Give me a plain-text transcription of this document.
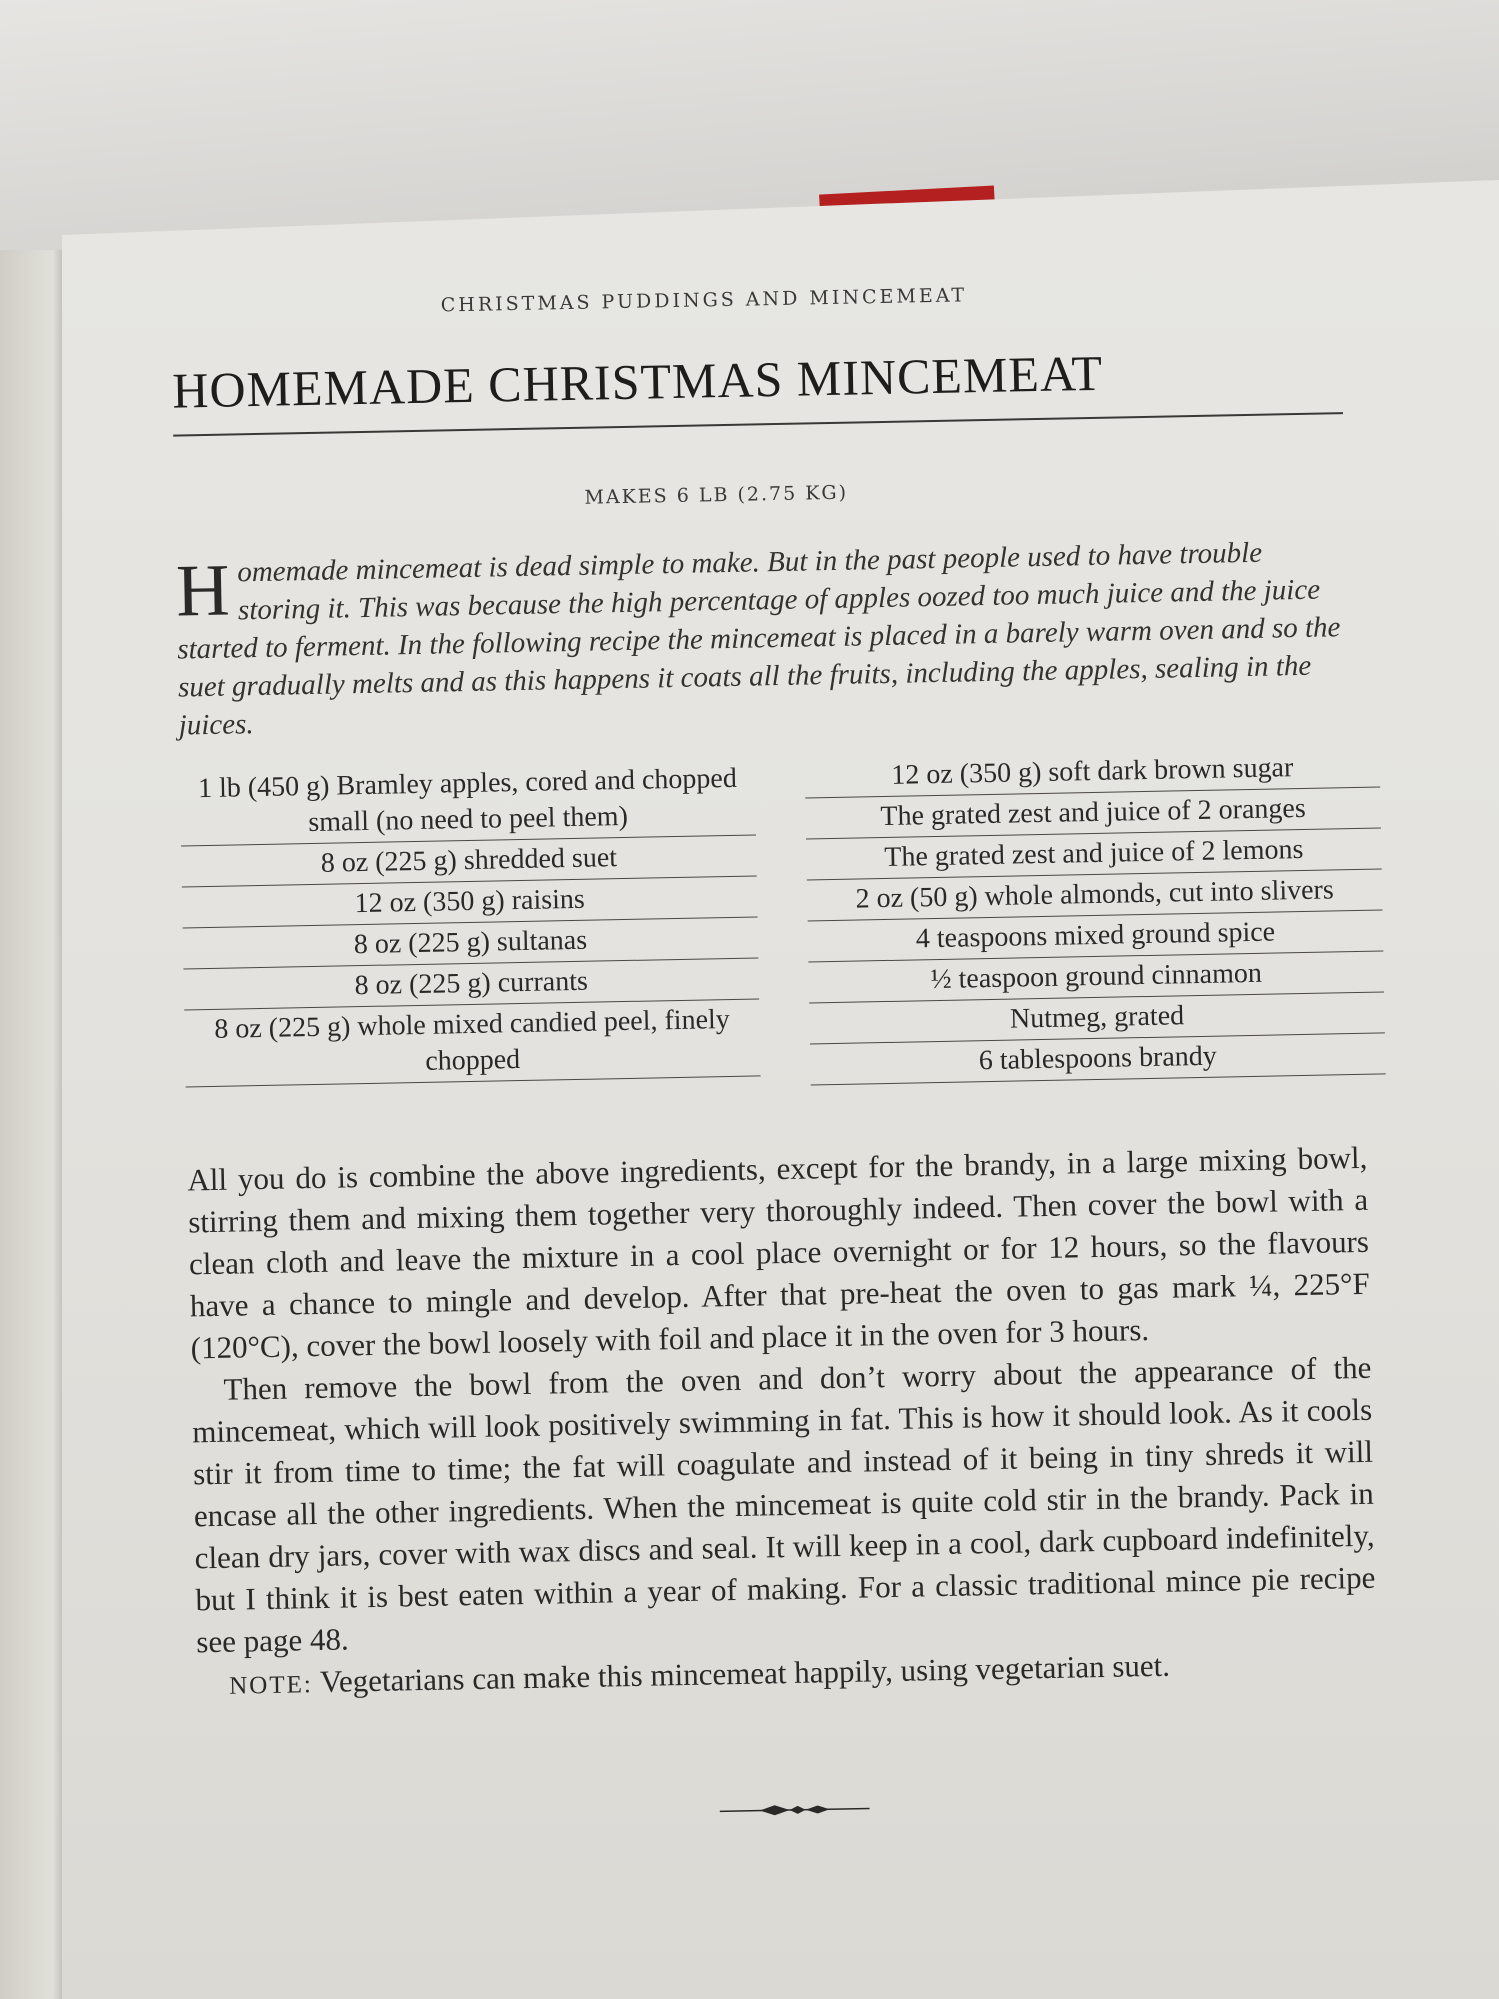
CHRISTMAS PUDDINGS AND MINCEMEAT
HOMEMADE CHRISTMAS MINCEMEAT
MAKES 6 LB (2.75 KG)
H omemade mincemeat is dead simple to make. But in the past people used to have trouble storing it. This was because the high percentage of apples oozed too much juice and the juice started to ferment. In the following recipe the mincemeat is placed in a barely warm oven and so the suet gradually melts and as this happens it coats all the fruits, including the apples, sealing in the juices.
1 lb (450 g) Bramley apples, cored and chopped small (no need to peel them)
8 oz (225 g) shredded suet
12 oz (350 g) raisins
8 oz (225 g) sultanas
8 oz (225 g) currants
8 oz (225 g) whole mixed candied peel, finely chopped
12 oz (350 g) soft dark brown sugar
The grated zest and juice of 2 oranges
The grated zest and juice of 2 lemons
2 oz (50 g) whole almonds, cut into slivers
4 teaspoons mixed ground spice
½ teaspoon ground cinnamon
Nutmeg, grated
6 tablespoons brandy

All you do is combine the above ingredients, except for the brandy, in a large mixing bowl, stirring them and mixing them together very thoroughly indeed. Then cover the bowl with a clean cloth and leave the mixture in a cool place overnight or for 12 hours, so the flavours have a chance to mingle and develop. After that pre-heat the oven to gas mark ¼, 225°F (120°C), cover the bowl loosely with foil and place it in the oven for 3 hours.

Then remove the bowl from the oven and don’t worry about the appearance of the mincemeat, which will look positively swimming in fat. This is how it should look. As it cools stir it from time to time; the fat will coagulate and instead of it being in tiny shreds it will encase all the other ingredients. When the mincemeat is quite cold stir in the brandy. Pack in clean dry jars, cover with wax discs and seal. It will keep in a cool, dark cupboard indefinitely, but I think it is best eaten within a year of making. For a classic traditional mince pie recipe see page 48.

NOTE: Vegetarians can make this mincemeat happily, using vegetarian suet.
